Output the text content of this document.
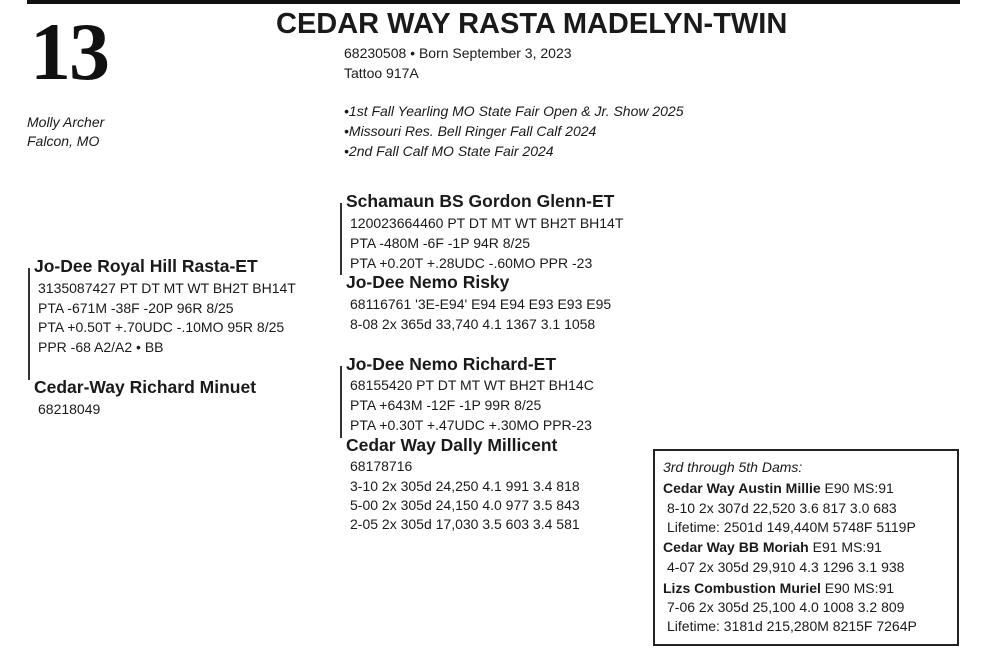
13	CEDAR WAY RASTA MADELYN-TWIN
68230508 • Born September 3, 2023
Tattoo 917A
Molly Archer
Falcon, MO
•1st Fall Yearling MO State Fair Open & Jr. Show 2025
•Missouri Res. Bell Ringer Fall Calf 2024
•2nd Fall Calf MO State Fair 2024
Schamaun BS Gordon Glenn-ET
120023664460 PT DT MT WT BH2T BH14T
PTA -480M -6F -1P 94R 8/25
PTA +0.20T +.28UDC -.60MO PPR -23
Jo-Dee Nemo Risky
68116761 '3E-E94' E94 E94 E93 E93 E95
8-08 2x 365d 33,740 4.1 1367 3.1 1058
Jo-Dee Royal Hill Rasta-ET
3135087427 PT DT MT WT BH2T BH14T
PTA -671M -38F -20P 96R 8/25
PTA +0.50T +.70UDC -.10MO 95R 8/25
PPR -68 A2/A2 • BB
Cedar-Way Richard Minuet
68218049
Jo-Dee Nemo Richard-ET
68155420 PT DT MT WT BH2T BH14C
PTA +643M -12F -1P 99R 8/25
PTA +0.30T +.47UDC +.30MO PPR-23
Cedar Way Dally Millicent
68178716
3-10 2x 305d 24,250 4.1 991 3.4 818
5-00 2x 305d 24,150 4.0 977 3.5 843
2-05 2x 305d 17,030 3.5 603 3.4 581
3rd through 5th Dams:
Cedar Way Austin Millie E90 MS:91
8-10 2x 307d 22,520 3.6 817 3.0 683
Lifetime: 2501d 149,440M 5748F 5119P
Cedar Way BB Moriah E91 MS:91
4-07 2x 305d 29,910 4.3 1296 3.1 938
Lizs Combustion Muriel E90 MS:91
7-06 2x 305d 25,100 4.0 1008 3.2 809
Lifetime: 3181d 215,280M 8215F 7264P
